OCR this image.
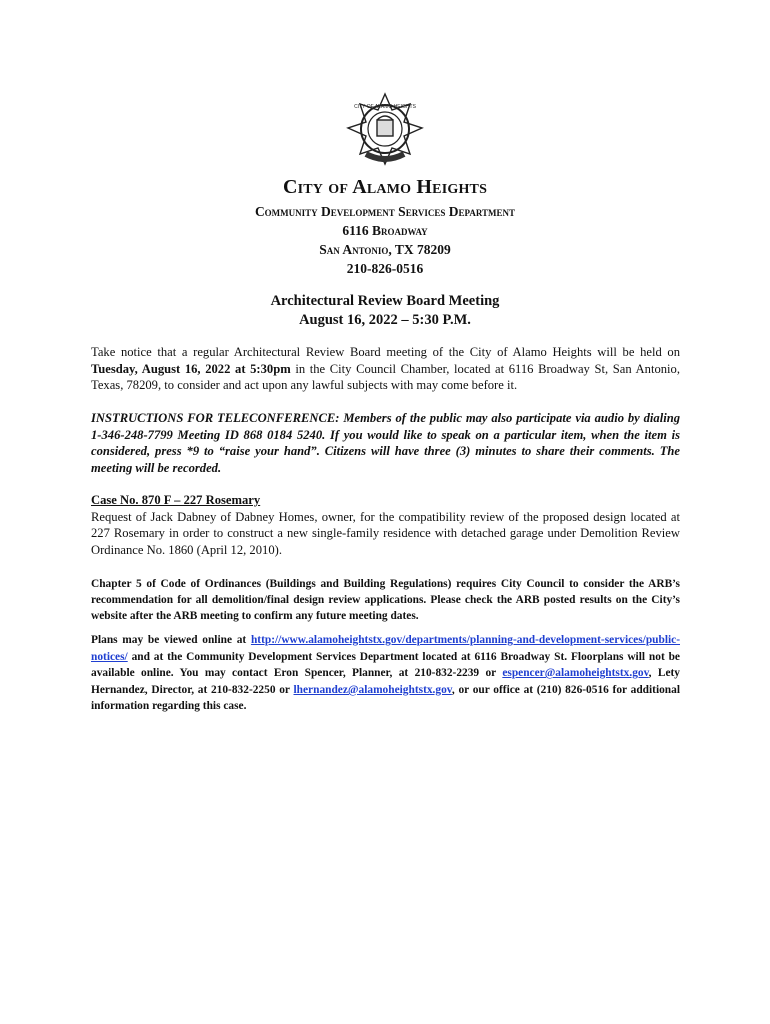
CITY OF ALAMO HEIGHTS
City of Alamo Heights
Community Development Services Department
6116 Broadway
San Antonio, TX 78209
210-826-0516
Architectural Review Board Meeting
August 16, 2022 – 5:30 P.M.
Take notice that a regular Architectural Review Board meeting of the City of Alamo Heights will be held on Tuesday, August 16, 2022 at 5:30pm in the City Council Chamber, located at 6116 Broadway St, San Antonio, Texas, 78209, to consider and act upon any lawful subjects with may come before it.
INSTRUCTIONS FOR TELECONFERENCE: Members of the public may also participate via audio by dialing 1-346-248-7799 Meeting ID 868 0184 5240. If you would like to speak on a particular item, when the item is considered, press *9 to “raise your hand”. Citizens will have three (3) minutes to share their comments. The meeting will be recorded.
Case No. 870 F – 227 Rosemary
Request of Jack Dabney of Dabney Homes, owner, for the compatibility review of the proposed design located at 227 Rosemary in order to construct a new single-family residence with detached garage under Demolition Review Ordinance No. 1860 (April 12, 2010).
Chapter 5 of Code of Ordinances (Buildings and Building Regulations) requires City Council to consider the ARB’s recommendation for all demolition/final design review applications. Please check the ARB posted results on the City’s website after the ARB meeting to confirm any future meeting dates.
Plans may be viewed online at http://www.alamoheightstx.gov/departments/planning-and-development-services/public-notices/ and at the Community Development Services Department located at 6116 Broadway St. Floorplans will not be available online. You may contact Eron Spencer, Planner, at 210-832-2239 or espencer@alamoheightstx.gov, Lety Hernandez, Director, at 210-832-2250 or lhernandez@alamoheightstx.gov, or our office at (210) 826-0516 for additional information regarding this case.
